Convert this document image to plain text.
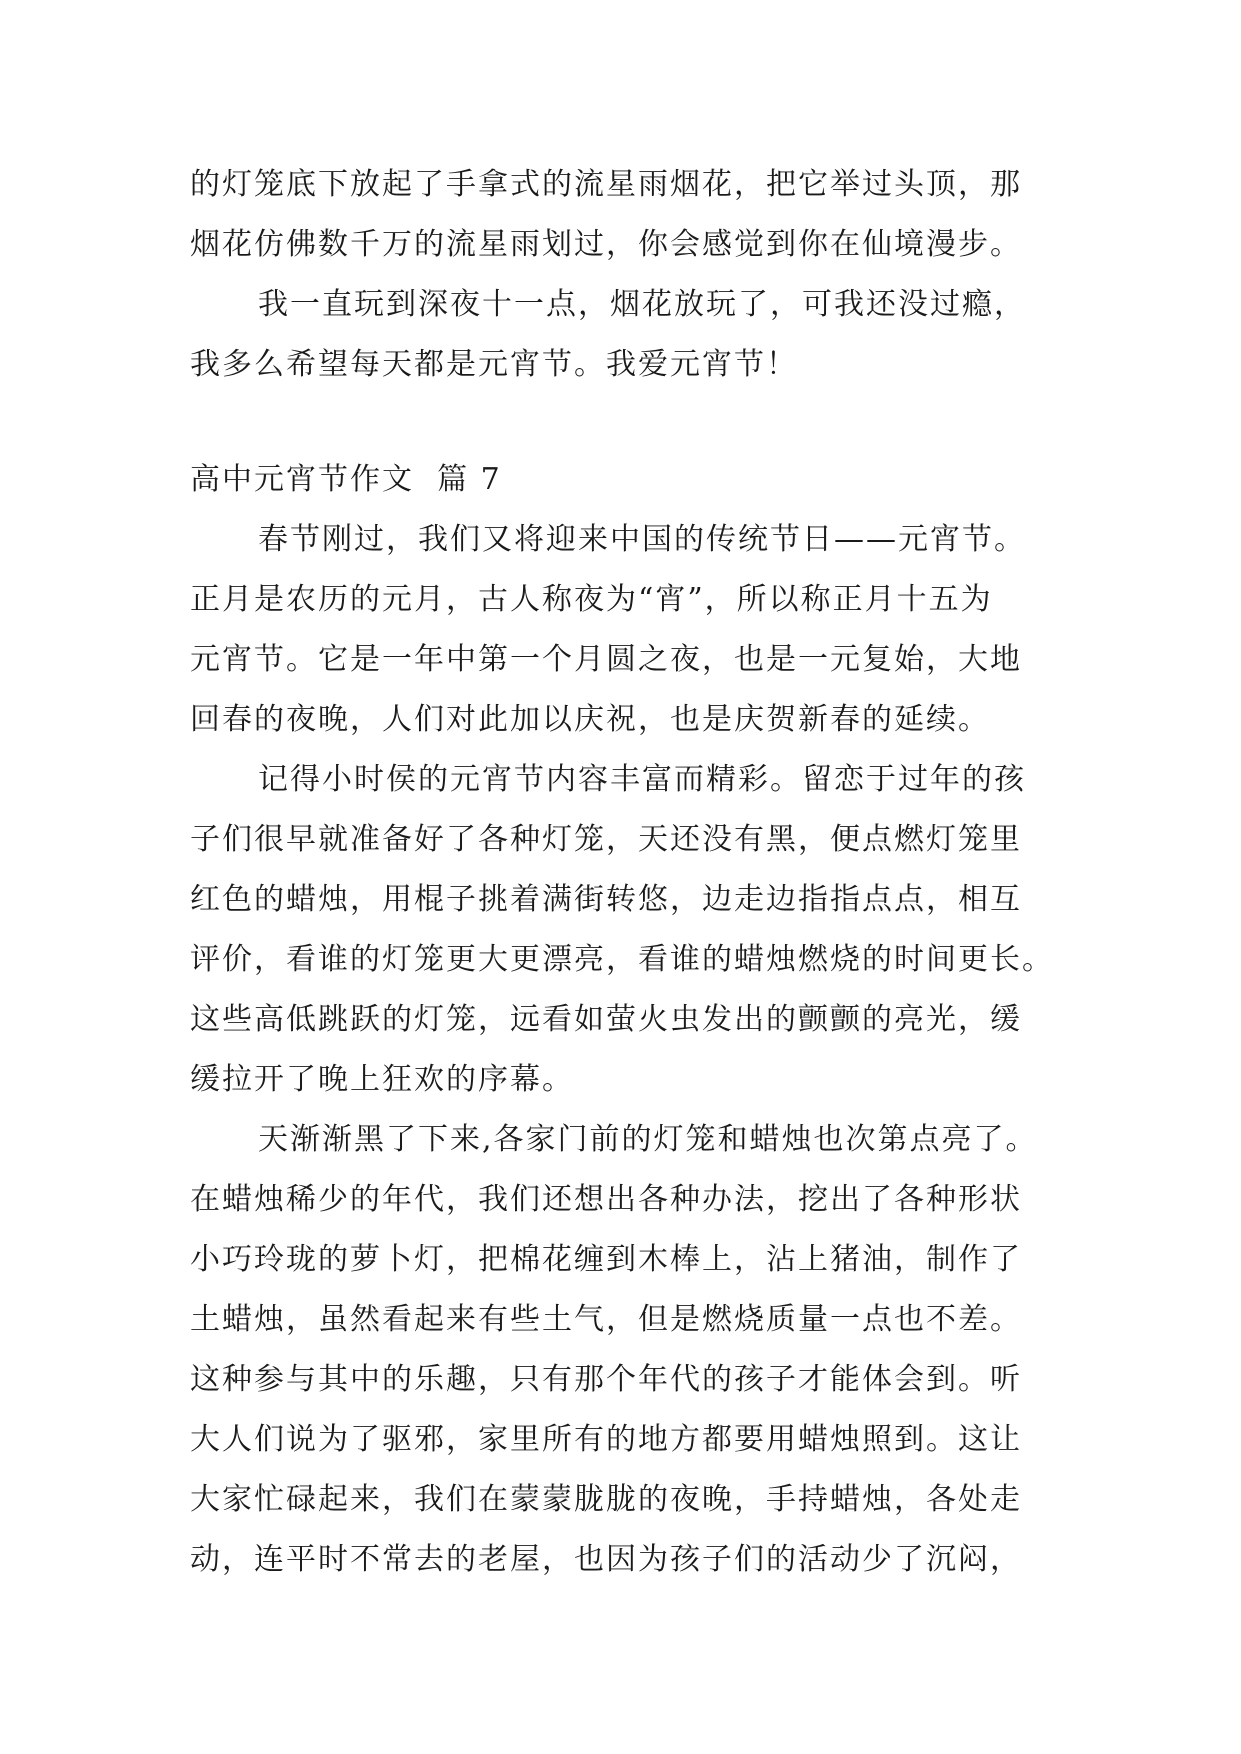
的灯笼底下放起了手拿式的流星雨烟花，把它举过头顶，那
烟花仿佛数千万的流星雨划过，你会感觉到你在仙境漫步。
我一直玩到深夜十一点，烟花放玩了，可我还没过瘾，
我多么希望每天都是元宵节。我爱元宵节！
高中元宵节作文  篇 7
春节刚过，我们又将迎来中国的传统节日——元宵节。
正月是农历的元月，古人称夜为“宵”，所以称正月十五为
元宵节。它是一年中第一个月圆之夜，也是一元复始，大地
回春的夜晚，人们对此加以庆祝，也是庆贺新春的延续。
记得小时侯的元宵节内容丰富而精彩。留恋于过年的孩
子们很早就准备好了各种灯笼，天还没有黑，便点燃灯笼里
红色的蜡烛，用棍子挑着满街转悠，边走边指指点点，相互
评价，看谁的灯笼更大更漂亮，看谁的蜡烛燃烧的时间更长。
这些高低跳跃的灯笼，远看如萤火虫发出的颤颤的亮光，缓
缓拉开了晚上狂欢的序幕。
天渐渐黑了下来,各家门前的灯笼和蜡烛也次第点亮了。
在蜡烛稀少的年代，我们还想出各种办法，挖出了各种形状
小巧玲珑的萝卜灯，把棉花缠到木棒上，沾上猪油，制作了
土蜡烛，虽然看起来有些土气，但是燃烧质量一点也不差。
这种参与其中的乐趣，只有那个年代的孩子才能体会到。听
大人们说为了驱邪，家里所有的地方都要用蜡烛照到。这让
大家忙碌起来，我们在蒙蒙胧胧的夜晚，手持蜡烛，各处走
动，连平时不常去的老屋，也因为孩子们的活动少了沉闷，
